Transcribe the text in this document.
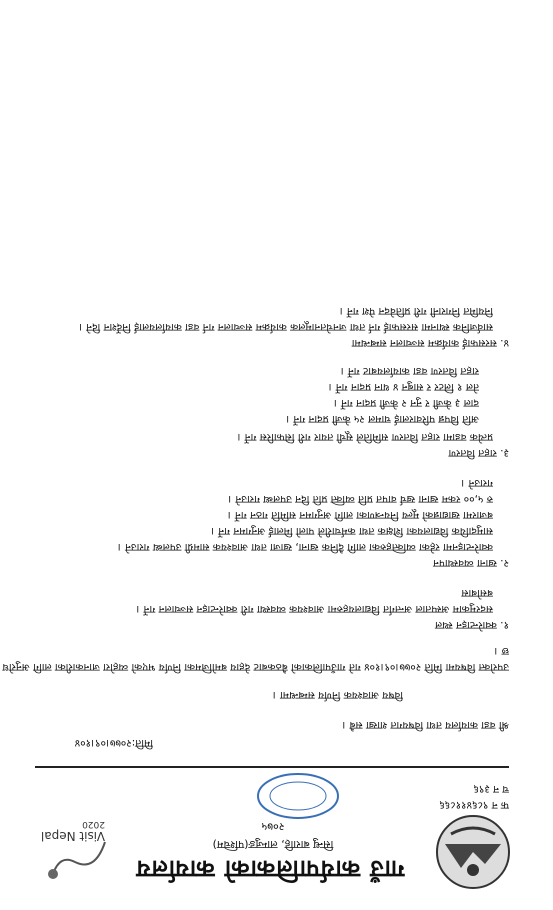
गाउँ कार्यपालिकाको कार्यालय
सिन्धु बाराहि, लाम्जुङ(पश्चिम)
२०७५
Visit Nepal
2020
फ न ९८६४११८६६
च न ३९६
मिति:२०७७।०९।१०४
श्री वडा कार्यालय तथा विषयगत शाखा सबै ।
विषय आवश्यक निर्णय सम्बन्धमा ।
उपरोक्त विषयमा मिति २०७७।०९।१०४ गते गाउँपालिकाको बैठकबाट देहाय बमोजिमका निर्णय भएको व्यहोरा जानकारीका लागि अनुरोध
छ ।
१. क्वारेन्टाइन स्थल
सदरमुकाम अस्पताल अन्तर्गत विद्यालयहरुमा आवश्यक व्यवस्था गरी क्वारेन्टाइन सञ्चालन गर्ने ।
बसोबास
२. खाना व्यवस्थापन
क्वारेन्टाइनमा रहेका व्यक्तिहरुका लागि दैनिक खाना, खाजा तथा आवश्यक सामग्री उपलब्ध गराउने ।
सामुदायिक विद्यालयका शिक्षक तथा कर्मचारीले पालो मिलाई अनुगमन गर्ने ।
बजारमा खाद्यान्नको मूल्य नियन्त्रणका लागि अनुगमन समिति गठन गर्ने ।
रु ५,०० रकम खाना खर्च वापत प्रति व्यक्ति प्रति दिन उपलब्ध गराउने ।
गराउने ।
३. राहत वितरण
प्रत्येक वडामा राहत वितरण समितिले सूची तयार गरी सिफारिस गर्ने ।
अति विपन्न परिवारलाई चामल २५ केजी प्रदान गर्ने ।
दाल ३ केजी र नुन २ केजी प्रदान गर्ने ।
तेल १ लिटर र साबुन ४ थान प्रदान गर्ने ।
राहत वितरण वडा कार्यालयबाट गर्ने ।
४. सरसफाई कार्यक्रम सञ्चालन सम्बन्धमा
सार्वजनिक स्थानमा सरसफाई गर्न तथा जनचेतनामूलक कार्यक्रम सञ्चालन गर्न वडा कार्यालयलाई निर्देशन दिने ।
नियमित निगरानी गरी प्रतिवेदन पेश गर्ने ।
